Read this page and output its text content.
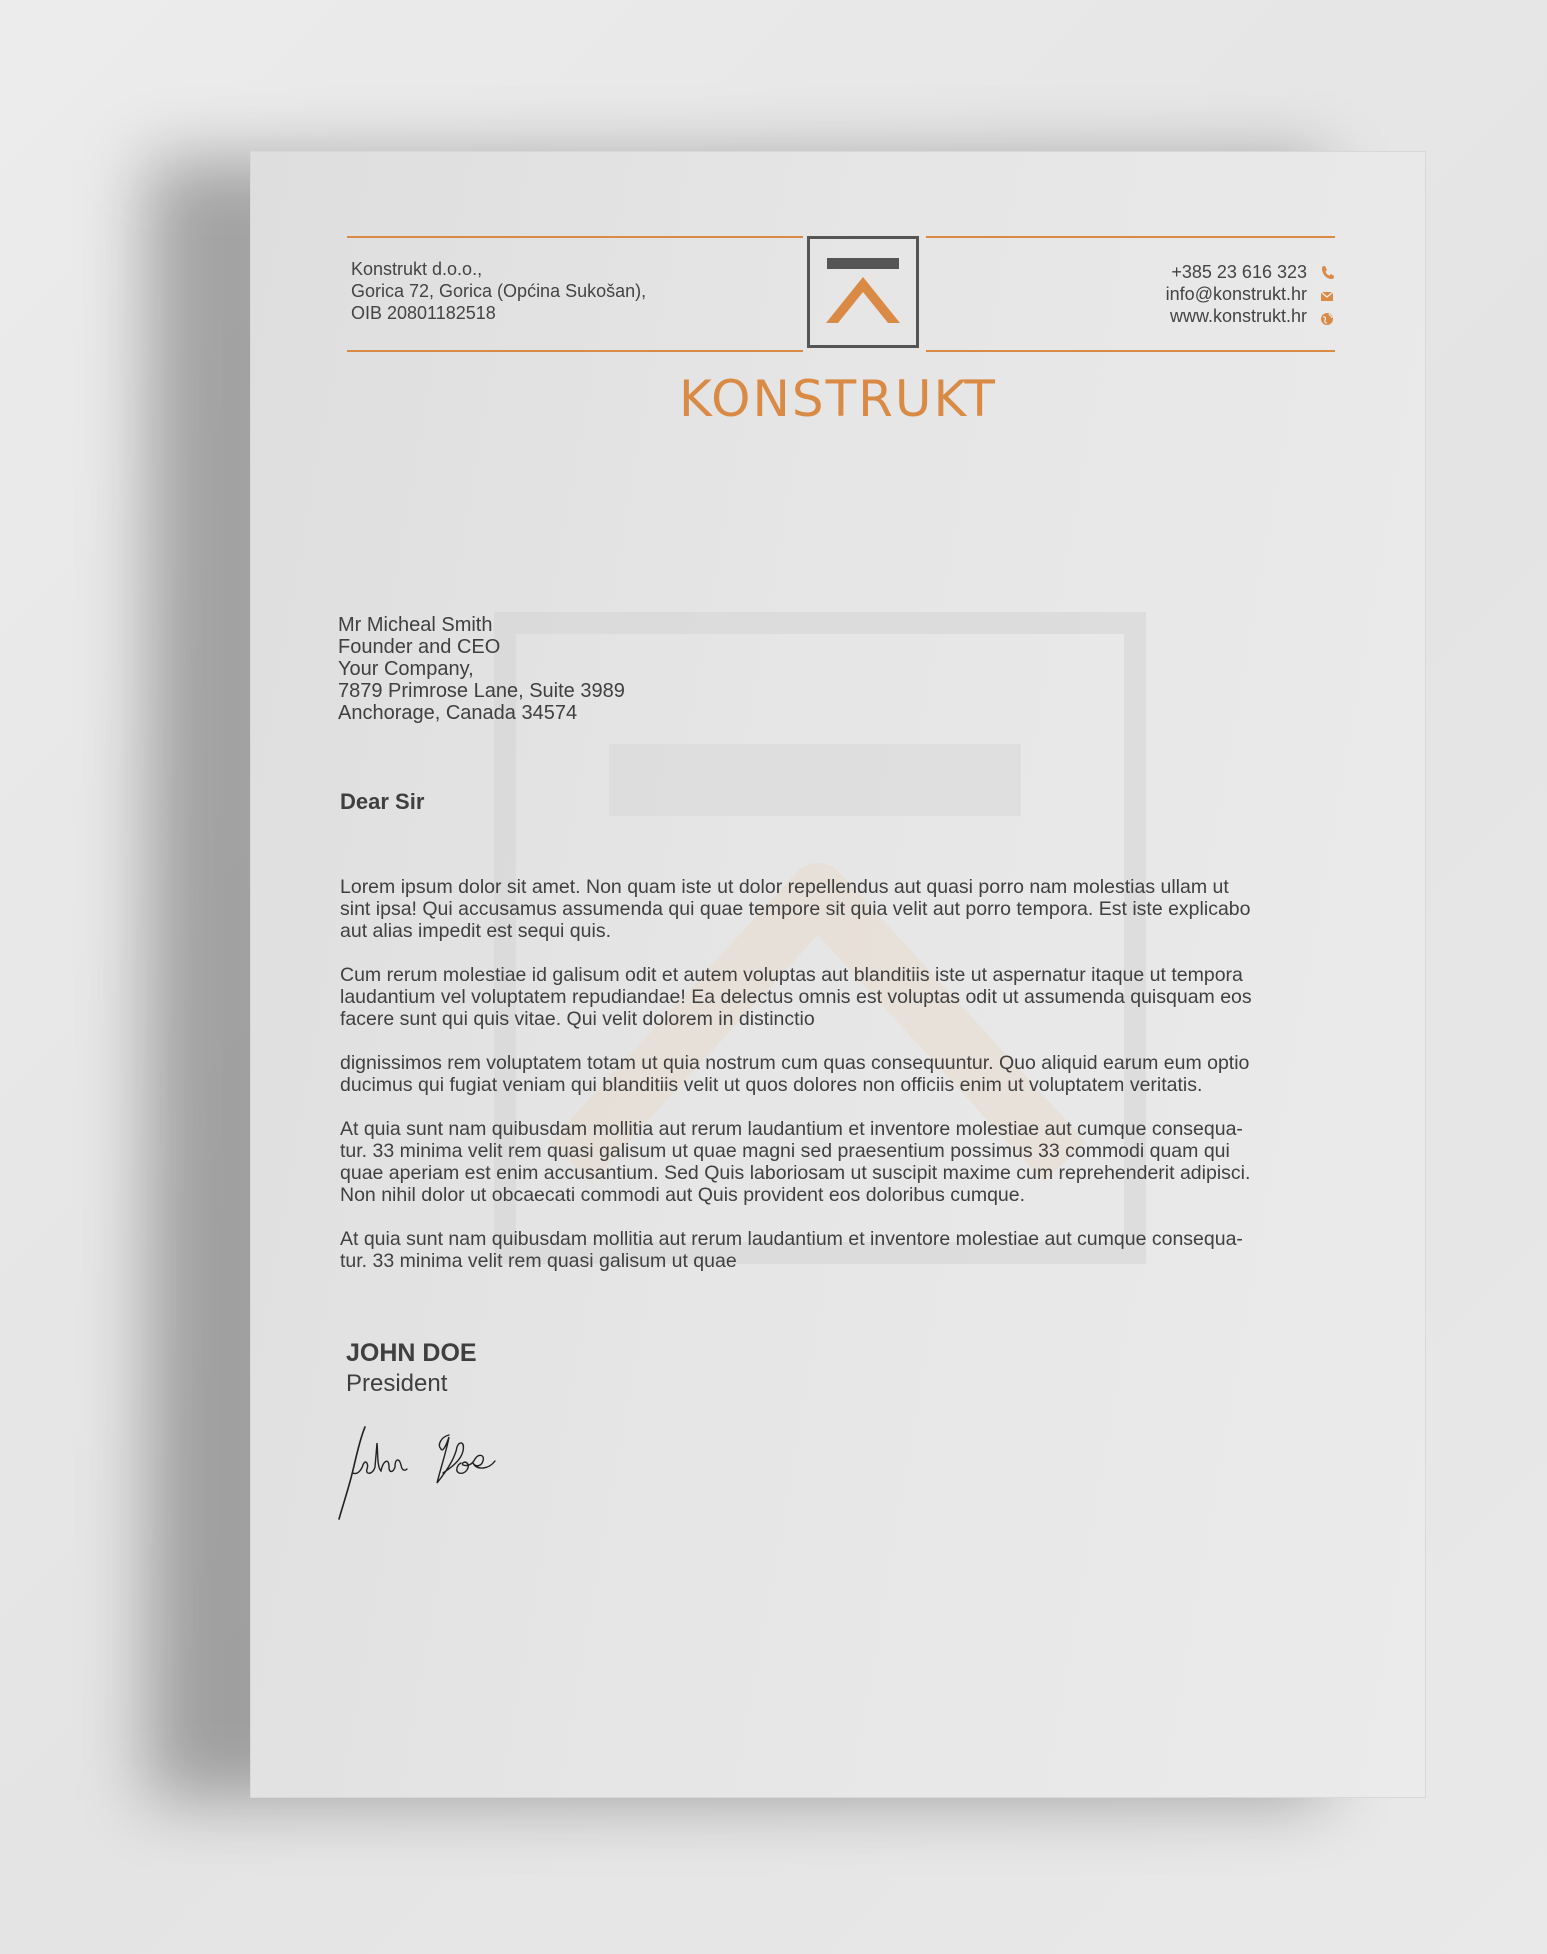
KONSTRUKT
Konstrukt d.o.o.,
Gorica 72, Gorica (Općina Sukošan),
OIB 20801182518
+385 23 616 323
info@konstrukt.hr
www.konstrukt.hr
Mr Micheal Smith
Founder and CEO
Your Company,
7879 Primrose Lane, Suite 3989
Anchorage, Canada 34574
Dear Sir

Lorem ipsum dolor sit amet. Non quam iste ut dolor repellendus aut quasi porro nam molestias ullam ut
sint ipsa! Qui accusamus assumenda qui quae tempore sit quia velit aut porro tempora. Est iste explicabo
aut alias impedit est sequi quis.

Cum rerum molestiae id galisum odit et autem voluptas aut blanditiis iste ut aspernatur itaque ut tempora
laudantium vel voluptatem repudiandae! Ea delectus omnis est voluptas odit ut assumenda quisquam eos
facere sunt qui quis vitae. Qui velit dolorem in distinctio

dignissimos rem voluptatem totam ut quia nostrum cum quas consequuntur. Quo aliquid earum eum optio
ducimus qui fugiat veniam qui blanditiis velit ut quos dolores non officiis enim ut voluptatem veritatis.

At quia sunt nam quibusdam mollitia aut rerum laudantium et inventore molestiae aut cumque consequa-
tur. 33 minima velit rem quasi galisum ut quae magni sed praesentium possimus 33 commodi quam qui
quae aperiam est enim accusantium. Sed Quis laboriosam ut suscipit maxime cum reprehenderit adipisci.
Non nihil dolor ut obcaecati commodi aut Quis provident eos doloribus cumque.

At quia sunt nam quibusdam mollitia aut rerum laudantium et inventore molestiae aut cumque consequa-
tur. 33 minima velit rem quasi galisum ut quae

JOHN DOE
President
